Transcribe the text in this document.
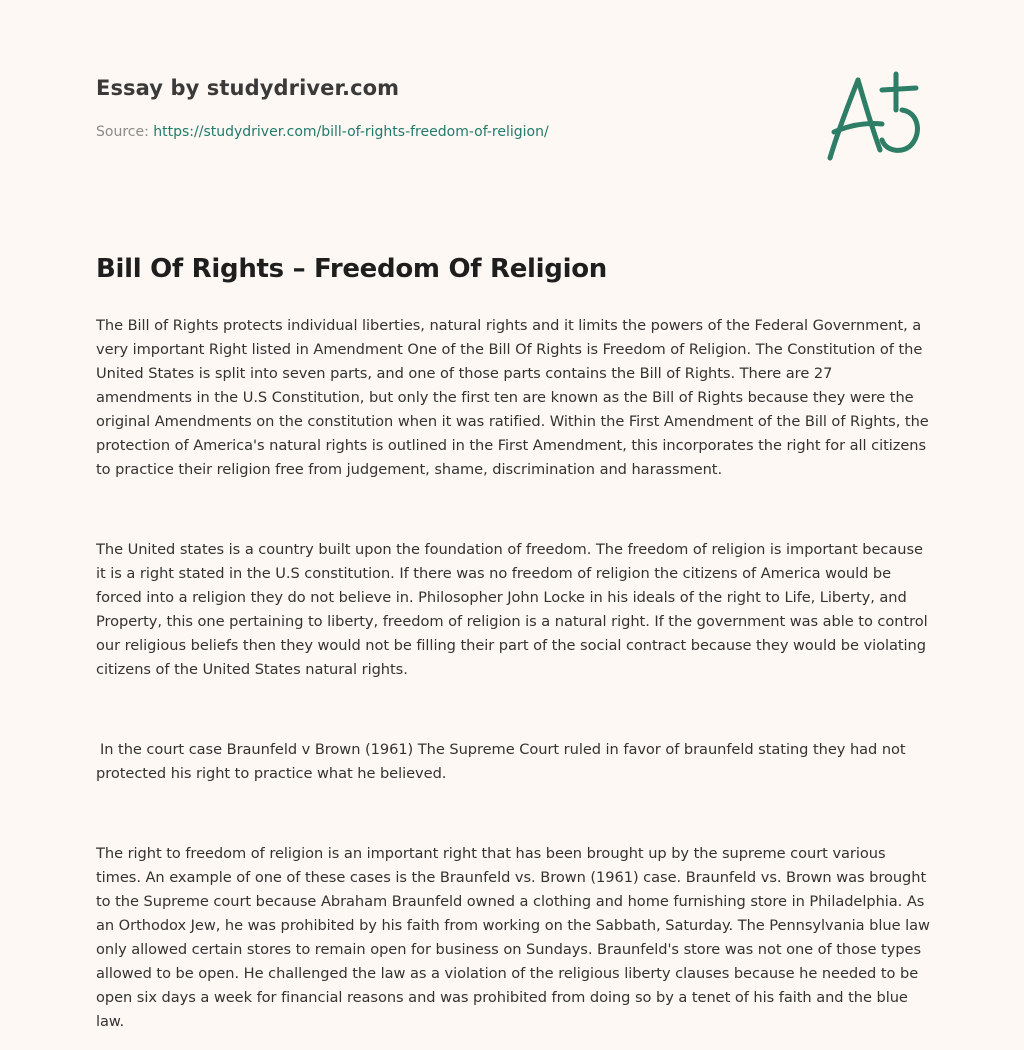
Essay by studydriver.com
Source: https://studydriver.com/bill-of-rights-freedom-of-religion/
Bill Of Rights – Freedom Of Religion

The Bill of Rights protects individual liberties, natural rights and it limits the powers of the Federal Government, a very important Right listed in Amendment One of the Bill Of Rights is Freedom of Religion. The Constitution of the United States is split into seven parts, and one of those parts contains the Bill of Rights. There are 27 amendments in the U.S Constitution, but only the first ten are known as the Bill of Rights because they were the original Amendments on the constitution when it was ratified. Within the First Amendment of the Bill of Rights, the protection of America's natural rights is outlined in the First Amendment, this incorporates the right for all citizens to practice their religion free from judgement, shame, discrimination and harassment.

The United states is a country built upon the foundation of freedom. The freedom of religion is important because it is a right stated in the U.S constitution. If there was no freedom of religion the citizens of America would be forced into a religion they do not believe in. Philosopher John Locke in his ideals of the right to Life, Liberty, and Property, this one pertaining to liberty, freedom of religion is a natural right. If the government was able to control our religious beliefs then they would not be filling their part of the social contract because they would be violating citizens of the United States natural rights.

In the court case Braunfeld v Brown (1961) The Supreme Court ruled in favor of braunfeld stating they had not protected his right to practice what he believed.

The right to freedom of religion is an important right that has been brought up by the supreme court various times. An example of one of these cases is the Braunfeld vs. Brown (1961) case. Braunfeld vs. Brown was brought to the Supreme court because Abraham Braunfeld owned a clothing and home furnishing store in Philadelphia. As an Orthodox Jew, he was prohibited by his faith from working on the Sabbath, Saturday. The Pennsylvania blue law only allowed certain stores to remain open for business on Sundays. Braunfeld's store was not one of those types allowed to be open. He challenged the law as a violation of the religious liberty clauses because he needed to be open six days a week for financial reasons and was prohibited from doing so by a tenet of his faith and the blue law.
